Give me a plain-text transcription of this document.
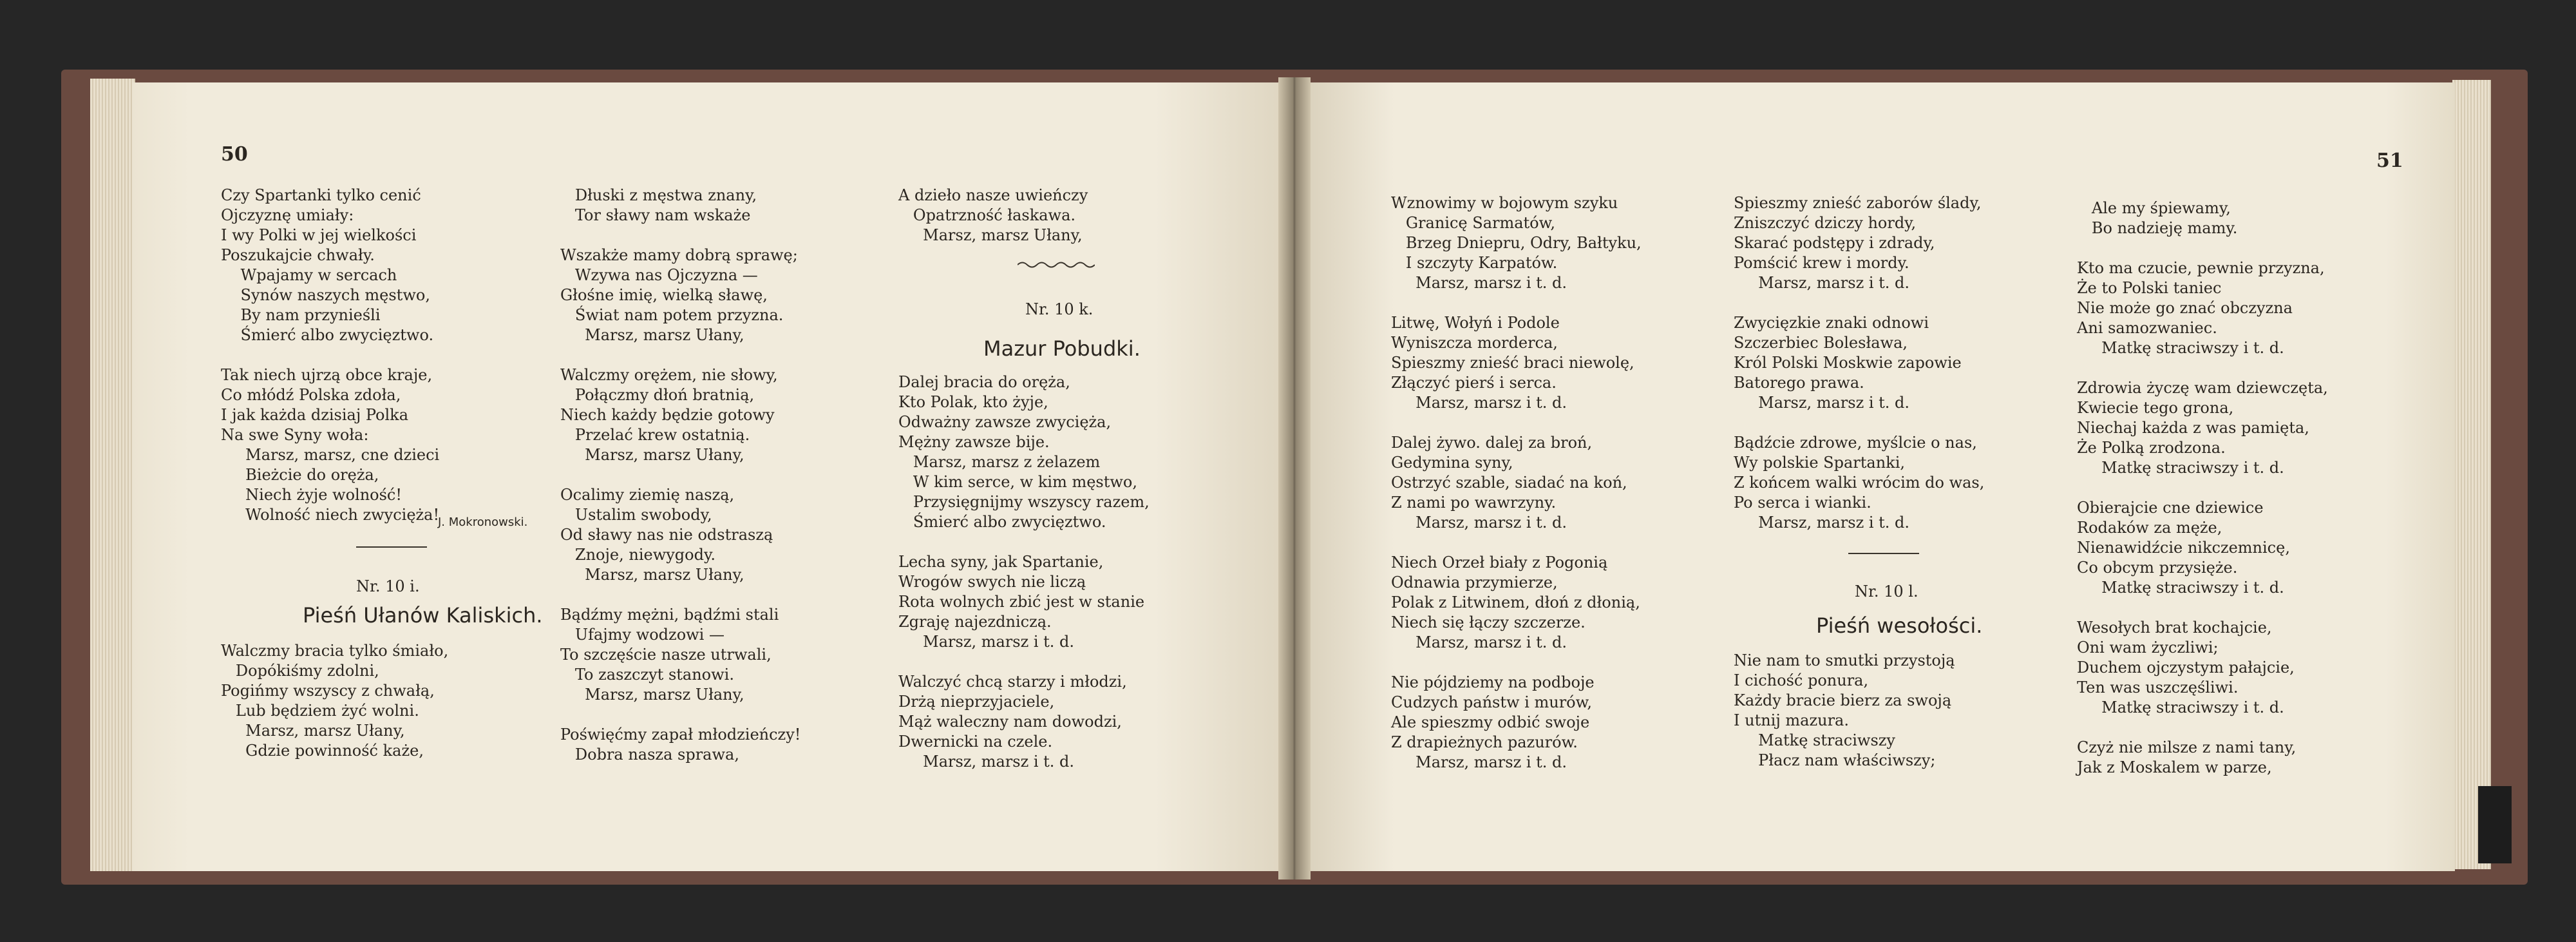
50
Czy Spartanki tylko cenić
Ojczyznę umiały:
I wy Polki w jej wielkości
Poszukajcie chwały.
Wpajamy w sercach
Synów naszych męstwo,
By nam przynieśli
Śmierć albo zwycięztwo.

Tak niech ujrzą obce kraje,
Co młódź Polska zdoła,
I jak każda dzisiaj Polka
Na swe Syny woła:
Marsz, marsz, cne dzieci
Bieżcie do oręża,
Niech żyje wolność!
Wolność niech zwycięża!
J. Mokronowski.
Nr. 10 i.
Pieśń Ułanów Kaliskich.
Walczmy bracia tylko śmiało,
Dopókiśmy zdolni,
Pogińmy wszyscy z chwałą,
Lub będziem żyć wolni.
Marsz, marsz Ułany,
Gdzie powinność każe,
Dłuski z męstwa znany,
Tor sławy nam wskaże

Wszakże mamy dobrą sprawę;
Wzywa nas Ojczyzna —
Głośne imię, wielką sławę,
Świat nam potem przyzna.
Marsz, marsz Ułany,

Walczmy orężem, nie słowy,
Połączmy dłoń bratnią,
Niech każdy będzie gotowy
Przelać krew ostatnią.
Marsz, marsz Ułany,

Ocalimy ziemię naszą,
Ustalim swobody,
Od sławy nas nie odstraszą
Znoje, niewygody.
Marsz, marsz Ułany,

Bądźmy mężni, bądźmi stali
Ufajmy wodzowi —
To szczęście nasze utrwali,
To zaszczyt stanowi.
Marsz, marsz Ułany,

Poświęćmy zapał młodzieńczy!
Dobra nasza sprawa,
A dzieło nasze uwieńczy
Opatrzność łaskawa.
Marsz, marsz Ułany,
Nr. 10 k.
Mazur Pobudki.
Dalej bracia do oręża,
Kto Polak, kto żyje,
Odważny zawsze zwycięża,
Mężny zawsze bije.
Marsz, marsz z żelazem
W kim serce, w kim męstwo,
Przysięgnijmy wszyscy razem,
Śmierć albo zwycięztwo.

Lecha syny, jak Spartanie,
Wrogów swych nie liczą
Rota wolnych zbić jest w stanie
Zgraję najezdniczą.
Marsz, marsz i t. d.

Walczyć chcą starzy i młodzi,
Drżą nieprzyjaciele,
Mąż waleczny nam dowodzi,
Dwernicki na czele.
Marsz, marsz i t. d.
51
Wznowimy w bojowym szyku
Granicę Sarmatów,
Brzeg Dniepru, Odry, Bałtyku,
I szczyty Karpatów.
Marsz, marsz i t. d.

Litwę, Wołyń i Podole
Wyniszcza morderca,
Spieszmy znieść braci niewolę,
Złączyć pierś i serca.
Marsz, marsz i t. d.

Dalej żywo. dalej za broń,
Gedymina syny,
Ostrzyć szable, siadać na koń,
Z nami po wawrzyny.
Marsz, marsz i t. d.

Niech Orzeł biały z Pogonią
Odnawia przymierze,
Polak z Litwinem, dłoń z dłonią,
Niech się łączy szczerze.
Marsz, marsz i t. d.

Nie pójdziemy na podboje
Cudzych państw i murów,
Ale spieszmy odbić swoje
Z drapieżnych pazurów.
Marsz, marsz i t. d.
Spieszmy znieść zaborów ślady,
Zniszczyć dziczy hordy,
Skarać podstępy i zdrady,
Pomścić krew i mordy.
Marsz, marsz i t. d.

Zwycięzkie znaki odnowi
Szczerbiec Bolesława,
Król Polski Moskwie zapowie
Batorego prawa.
Marsz, marsz i t. d.

Bądźcie zdrowe, myślcie o nas,
Wy polskie Spartanki,
Z końcem walki wrócim do was,
Po serca i wianki.
Marsz, marsz i t. d.
Nr. 10 l.
Pieśń wesołości.
Nie nam to smutki przystoją
I cichość ponura,
Każdy bracie bierz za swoją
I utnij mazura.
Matkę straciwszy
Płacz nam właściwszy;
Ale my śpiewamy,
Bo nadzieję mamy.

Kto ma czucie, pewnie przyzna,
Że to Polski taniec
Nie może go znać obczyzna
Ani samozwaniec.
Matkę straciwszy i t. d.

Zdrowia życzę wam dziewczęta,
Kwiecie tego grona,
Niechaj każda z was pamięta,
Że Polką zrodzona.
Matkę straciwszy i t. d.

Obierajcie cne dziewice
Rodaków za męże,
Nienawidźcie nikczemnicę,
Co obcym przysięże.
Matkę straciwszy i t. d.

Wesołych brat kochajcie,
Oni wam życzliwi;
Duchem ojczystym pałajcie,
Ten was uszczęśliwi.
Matkę straciwszy i t. d.

Czyż nie milsze z nami tany,
Jak z Moskalem w parze,
